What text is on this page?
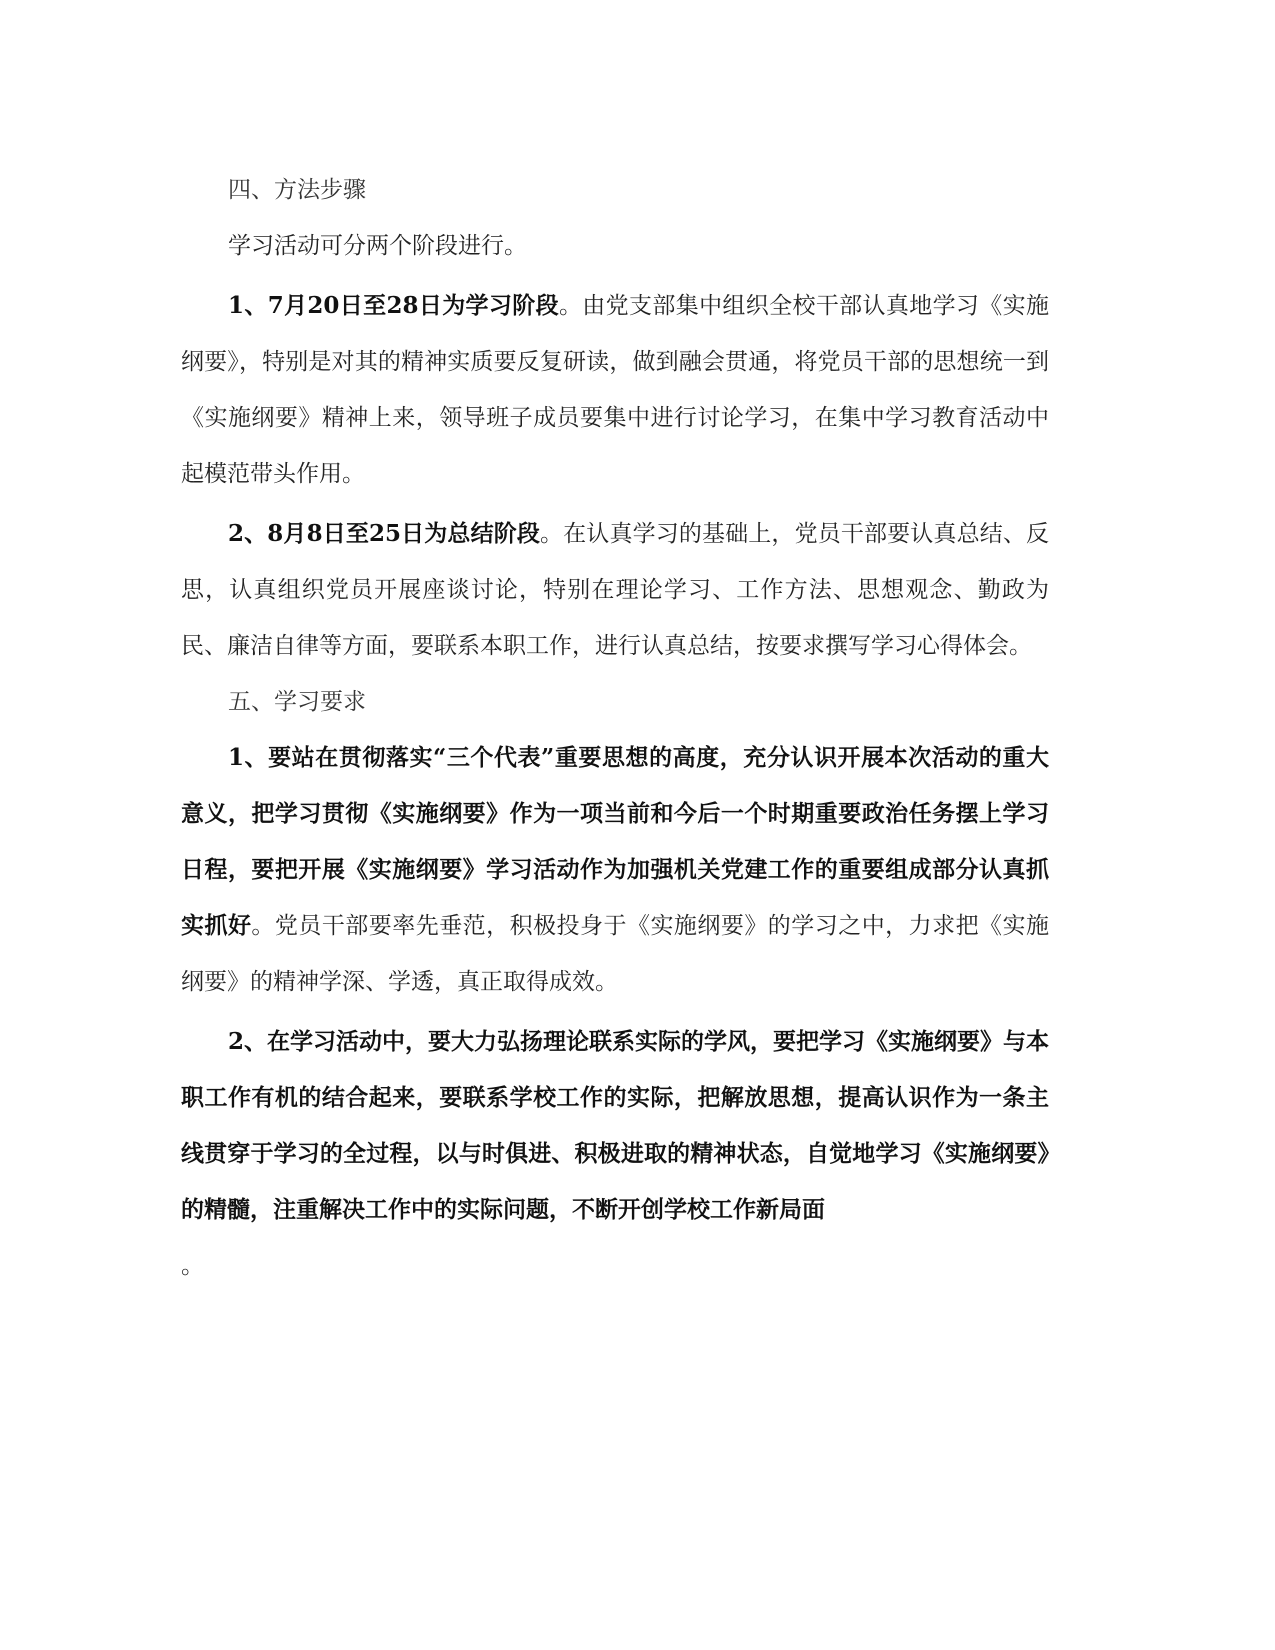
四、方法步骤

学习活动可分两个阶段进行。

1、7月20日至28日为学习阶段。由党支部集中组织全校干部认真地学习《实施纲要》，特别是对其的精神实质要反复研读，做到融会贯通，将党员干部的思想统一到《实施纲要》精神上来，领导班子成员要集中进行讨论学习，在集中学习教育活动中起模范带头作用。

2、8月8日至25日为总结阶段。在认真学习的基础上，党员干部要认真总结、反思，认真组织党员开展座谈讨论，特别在理论学习、工作方法、思想观念、勤政为民、廉洁自律等方面，要联系本职工作，进行认真总结，按要求撰写学习心得体会。

五、学习要求

1、要站在贯彻落实“三个代表”重要思想的高度，充分认识开展本次活动的重大意义，把学习贯彻《实施纲要》作为一项当前和今后一个时期重要政治任务摆上学习日程，要把开展《实施纲要》学习活动作为加强机关党建工作的重要组成部分认真抓实抓好。党员干部要率先垂范，积极投身于《实施纲要》的学习之中，力求把《实施纲要》的精神学深、学透，真正取得成效。

2、在学习活动中，要大力弘扬理论联系实际的学风，要把学习《实施纲要》与本职工作有机的结合起来，要联系学校工作的实际，把解放思想，提高认识作为一条主线贯穿于学习的全过程，以与时俱进、积极进取的精神状态，自觉地学习《实施纲要》的精髓，注重解决工作中的实际问题，不断开创学校工作新局面

。
